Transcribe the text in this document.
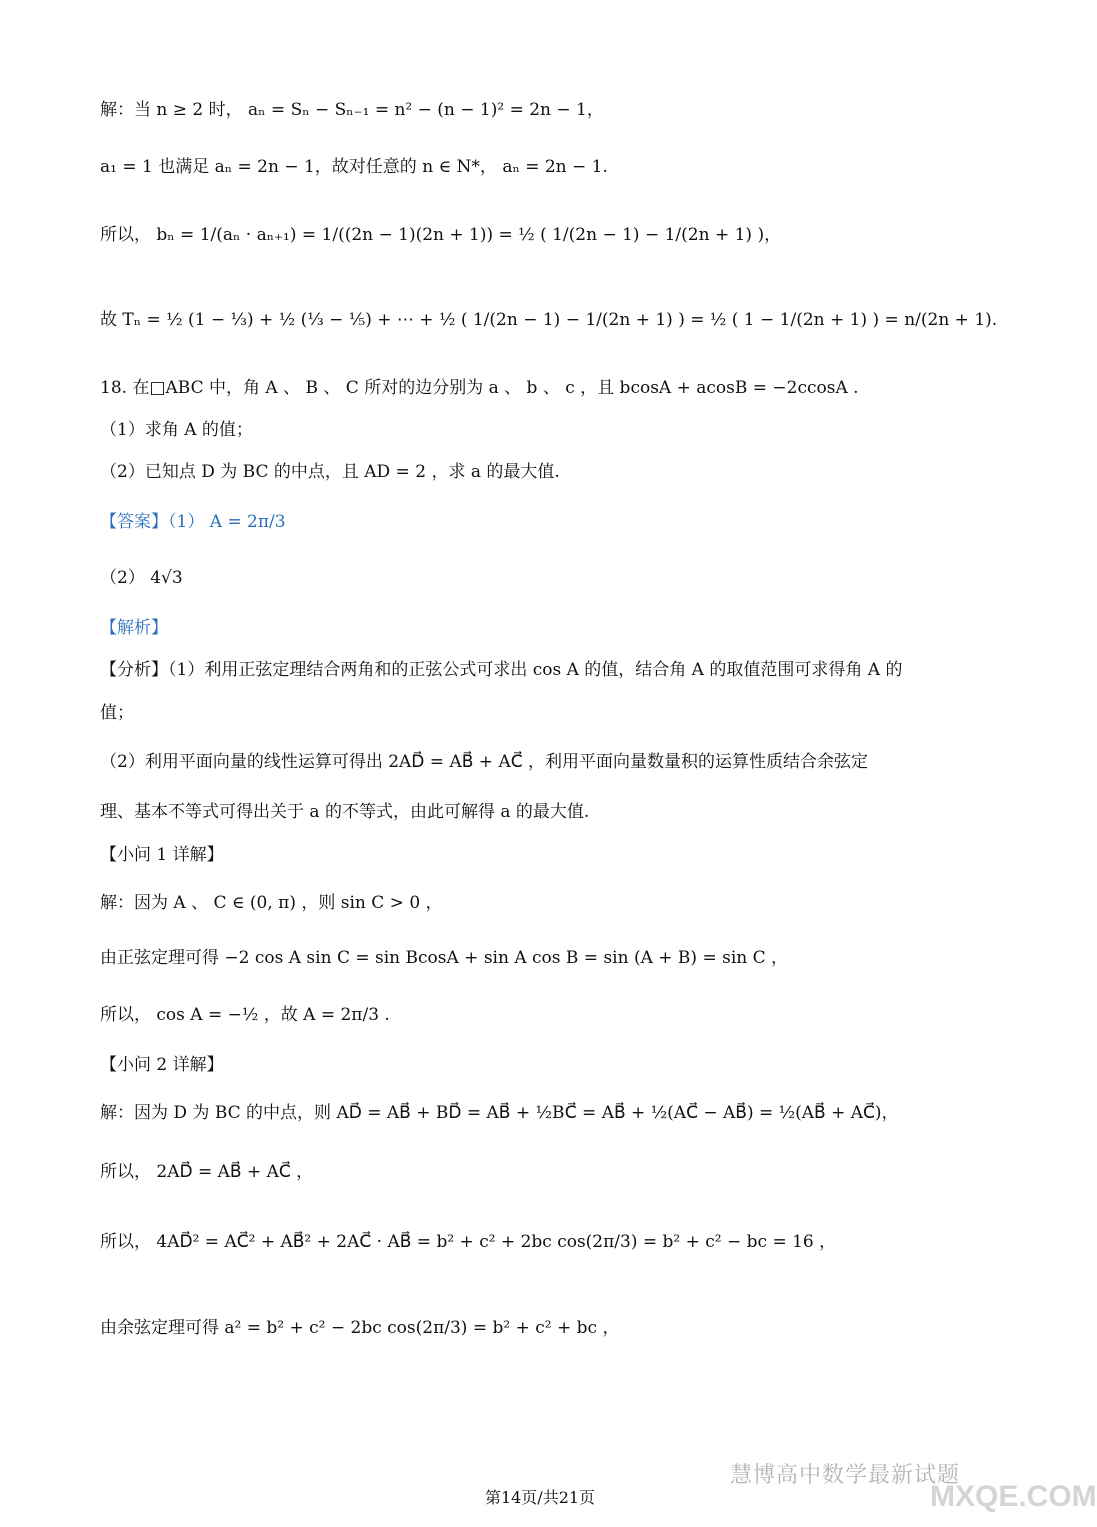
解：当 n ≥ 2 时， aₙ = Sₙ − Sₙ₋₁ = n² − (n − 1)² = 2n − 1，
a₁ = 1 也满足 aₙ = 2n − 1，故对任意的 n ∈ N*， aₙ = 2n − 1.
所以， bₙ = 1/(aₙ · aₙ₊₁) = 1/((2n − 1)(2n + 1)) = ½ ( 1/(2n − 1) − 1/(2n + 1) )，
故 Tₙ = ½ (1 − ⅓) + ½ (⅓ − ⅕) + ⋯ + ½ ( 1/(2n − 1) − 1/(2n + 1) ) = ½ ( 1 − 1/(2n + 1) ) = n/(2n + 1).
18. 在□ABC 中，角 A 、 B 、 C 所对的边分别为 a 、 b 、 c ，且 bcosA + acosB = −2ccosA .
（1）求角 A 的值；
（2）已知点 D 为 BC 的中点，且 AD = 2 ，求 a 的最大值.
【答案】（1） A = 2π/3
（2） 4√3
【解析】
【分析】（1）利用正弦定理结合两角和的正弦公式可求出 cos A 的值，结合角 A 的取值范围可求得角 A 的
值；
（2）利用平面向量的线性运算可得出 2AD⃗ = AB⃗ + AC⃗ ，利用平面向量数量积的运算性质结合余弦定
理、基本不等式可得出关于 a 的不等式，由此可解得 a 的最大值.
【小问 1 详解】
解：因为 A 、 C ∈ (0, π) ，则 sin C > 0 ，
由正弦定理可得 −2 cos A sin C = sin BcosA + sin A cos B = sin (A + B) = sin C ，
所以， cos A = −½ ，故 A = 2π/3 .
【小问 2 详解】
解：因为 D 为 BC 的中点，则 AD⃗ = AB⃗ + BD⃗ = AB⃗ + ½BC⃗ = AB⃗ + ½(AC⃗ − AB⃗) = ½(AB⃗ + AC⃗)，
所以， 2AD⃗ = AB⃗ + AC⃗ ，
所以， 4AD⃗² = AC⃗² + AB⃗² + 2AC⃗ · AB⃗ = b² + c² + 2bc cos(2π/3) = b² + c² − bc = 16 ，
由余弦定理可得 a² = b² + c² − 2bc cos(2π/3) = b² + c² + bc ，
慧博高中数学最新试题
MXQE.COM
第14页/共21页
